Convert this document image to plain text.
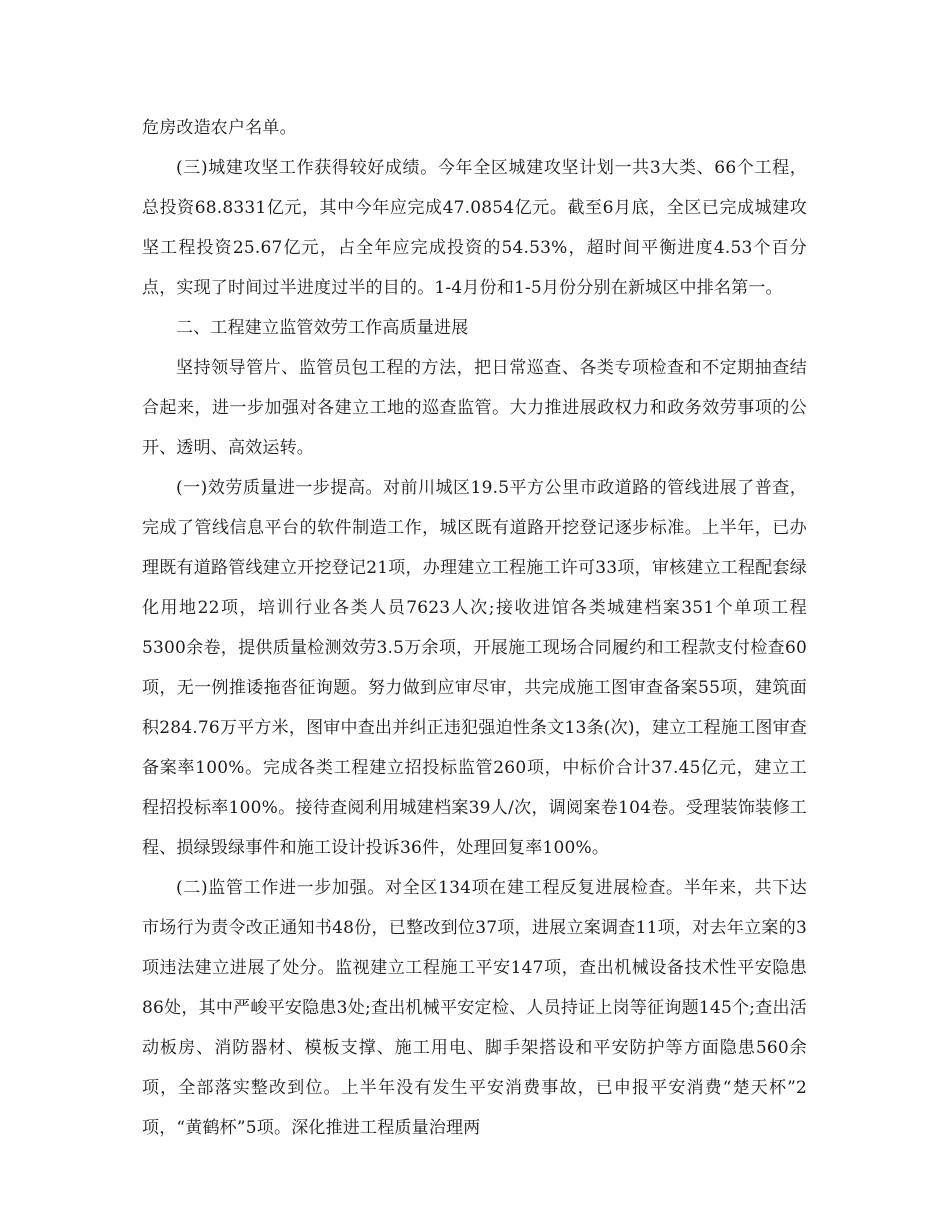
危房改造农户名单。

(三)城建攻坚工作获得较好成绩。今年全区城建攻坚计划一共3大类、66个工程，总投资68.8331亿元，其中今年应完成47.0854亿元。截至6月底，全区已完成城建攻坚工程投资25.67亿元，占全年应完成投资的54.53%，超时间平衡进度4.53个百分点，实现了时间过半进度过半的目的。1-4月份和1-5月份分别在新城区中排名第一。

二、工程建立监管效劳工作高质量进展

坚持领导管片、监管员包工程的方法，把日常巡查、各类专项检查和不定期抽查结合起来，进一步加强对各建立工地的巡查监管。大力推进展政权力和政务效劳事项的公开、透明、高效运转。

(一)效劳质量进一步提高。对前川城区19.5平方公里市政道路的管线进展了普查，完成了管线信息平台的软件制造工作，城区既有道路开挖登记逐步标准。上半年，已办理既有道路管线建立开挖登记21项，办理建立工程施工许可33项，审核建立工程配套绿化用地22项，培训行业各类人员7623人次;接收进馆各类城建档案351个单项工程5300余卷，提供质量检测效劳3.5万余项，开展施工现场合同履约和工程款支付检查60项，无一例推诿拖沓征询题。努力做到应审尽审，共完成施工图审查备案55项，建筑面积284.76万平方米，图审中查出并纠正违犯强迫性条文13条(次)，建立工程施工图审查备案率100%。完成各类工程建立招投标监管260项，中标价合计37.45亿元，建立工程招投标率100%。接待查阅利用城建档案39人/次，调阅案卷104卷。受理装饰装修工程、损绿毁绿事件和施工设计投诉36件，处理回复率100%。

(二)监管工作进一步加强。对全区134项在建工程反复进展检查。半年来，共下达市场行为责令改正通知书48份，已整改到位37项，进展立案调查11项，对去年立案的3项违法建立进展了处分。监视建立工程施工平安147项，查出机械设备技术性平安隐患86处，其中严峻平安隐患3处;查出机械平安定检、人员持证上岗等征询题145个;查出活动板房、消防器材、模板支撑、施工用电、脚手架搭设和平安防护等方面隐患560余项，全部落实整改到位。上半年没有发生平安消费事故，已申报平安消费“楚天杯”2项，“黄鹤杯”5项。深化推进工程质量治理两
